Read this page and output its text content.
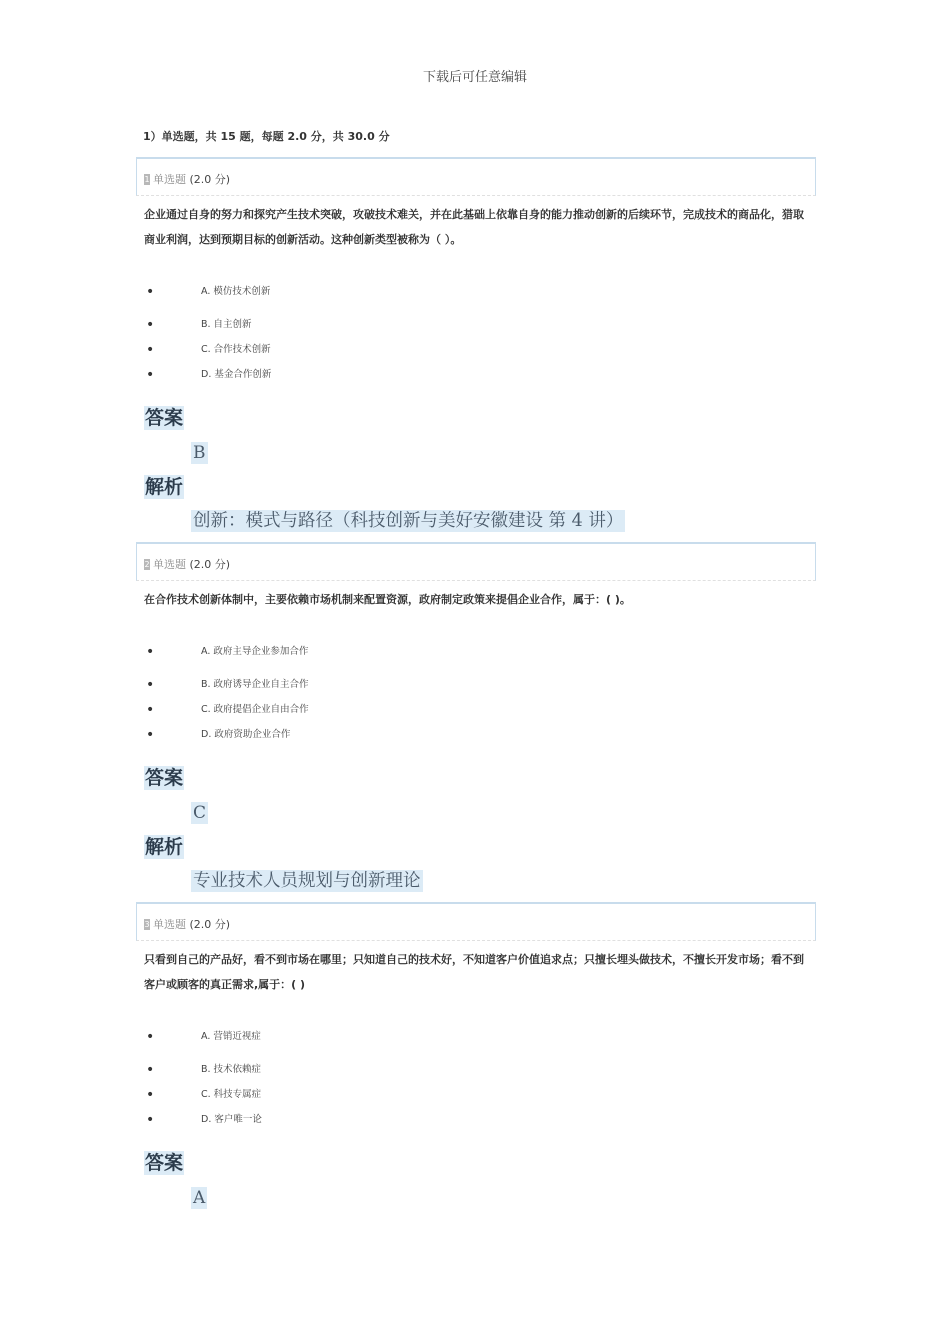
下载后可任意编辑
1）单选题，共 15 题，每题 2.0 分，共 30.0 分
1 单选题 (2.0 分)
企业通过自身的努力和探究产生技术突破，攻破技术难关，并在此基础上依靠自身的能力推动创新的后续环节，完成技术的商品化，猎取商业利润，达到预期目标的创新活动。这种创新类型被称为（ ）。
•	A. 模仿技术创新
•	B. 自主创新
•	C. 合作技术创新
•	D. 基金合作创新
答案
B
解析
创新：模式与路径（科技创新与美好安徽建设 第 4 讲）
2 单选题 (2.0 分)
在合作技术创新体制中，主要依赖市场机制来配置资源，政府制定政策来提倡企业合作，属于：( )。
•	A. 政府主导企业参加合作
•	B. 政府诱导企业自主合作
•	C. 政府提倡企业自由合作
•	D. 政府资助企业合作
答案
C
解析
专业技术人员规划与创新理论
3 单选题 (2.0 分)
只看到自己的产品好，看不到市场在哪里；只知道自己的技术好，不知道客户价值追求点；只擅长埋头做技术，不擅长开发市场；看不到客户或顾客的真正需求,属于：( )
•	A. 营销近视症
•	B. 技术依赖症
•	C. 科技专属症
•	D. 客户唯一论
答案
A
